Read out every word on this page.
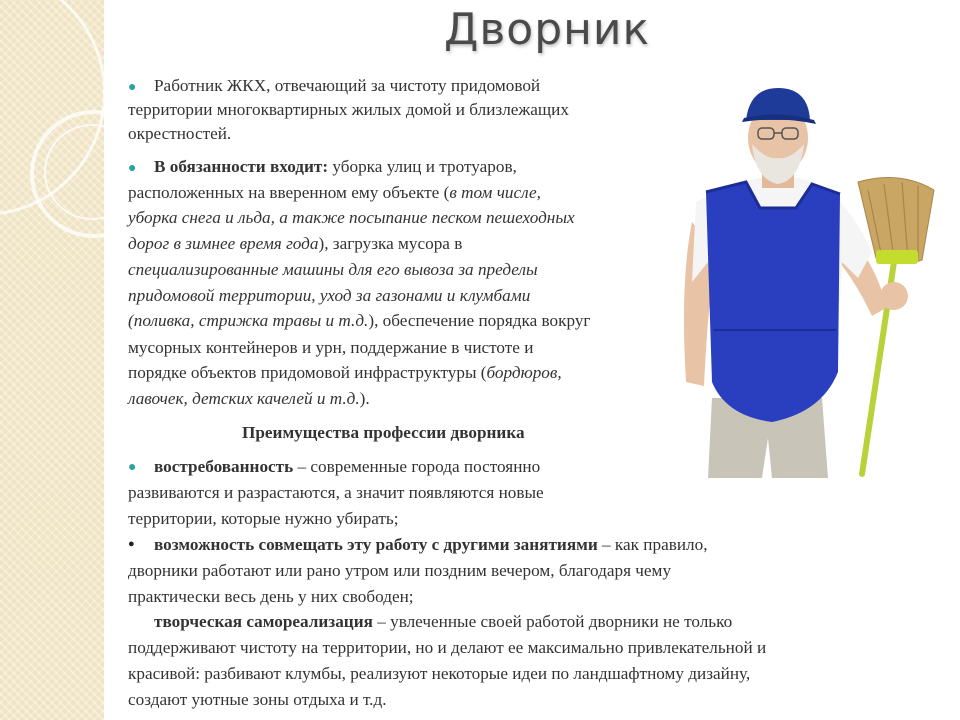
Дворник
● Работник ЖКХ, отвечающий за чистоту придомовой
территории многоквартирных жилых домой и близлежащих
окрестностей.
● В обязанности входит: уборка улиц и тротуаров,
расположенных на вверенном ему объекте (в том числе,
уборка снега и льда, а также посыпание песком пешеходных
дорог в зимнее время года), загрузка мусора в
специализированные машины для его вывоза за пределы
придомовой территории, уход за газонами и клумбами
(поливка, стрижка травы и т.д.), обеспечение порядка вокруг
мусорных контейнеров и урн, поддержание в чистоте и
порядке объектов придомовой инфраструктуры (бордюров,
лавочек, детских качелей и т.д.).
Преимущества профессии дворника
● востребованность – современные города постоянно
развиваются и разрастаются, а значит появляются новые
территории, которые нужно убирать;
● возможность совмещать эту работу с другими занятиями – как правило,
дворники работают или рано утром или поздним вечером, благодаря чему
практически весь день у них свободен;
творческая самореализация – увлеченные своей работой дворники не только
поддерживают чистоту на территории, но и делают ее максимально привлекательной и
красивой: разбивают клумбы, реализуют некоторые идеи по ландшафтному дизайну,
создают уютные зоны отдыха и т.д.
